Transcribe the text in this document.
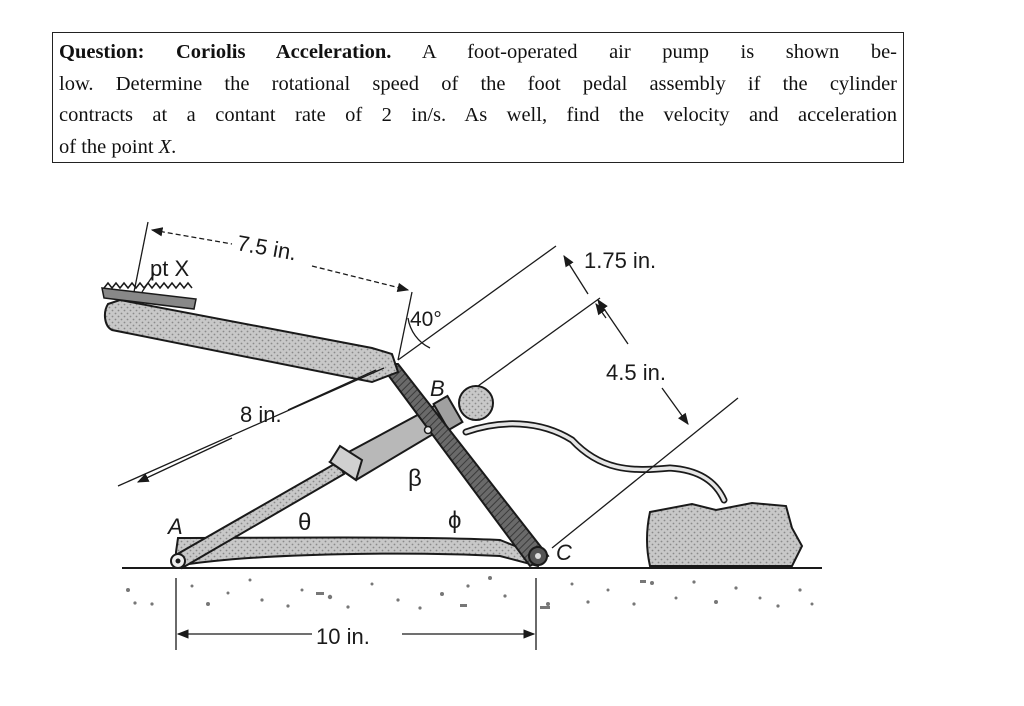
Question: Coriolis Acceleration. A foot-operated air pump is shown be-
low. Determine the rotational speed of the foot pedal assembly if the cylinder
contracts at a contant rate of 2 in/s. As well, find the velocity and acceleration
of the point X.
pt X
7.5 in.	1.75 in.
4.5 in.
40°
B
8 in.
β
A	θ	ϕ
C
10 in.
